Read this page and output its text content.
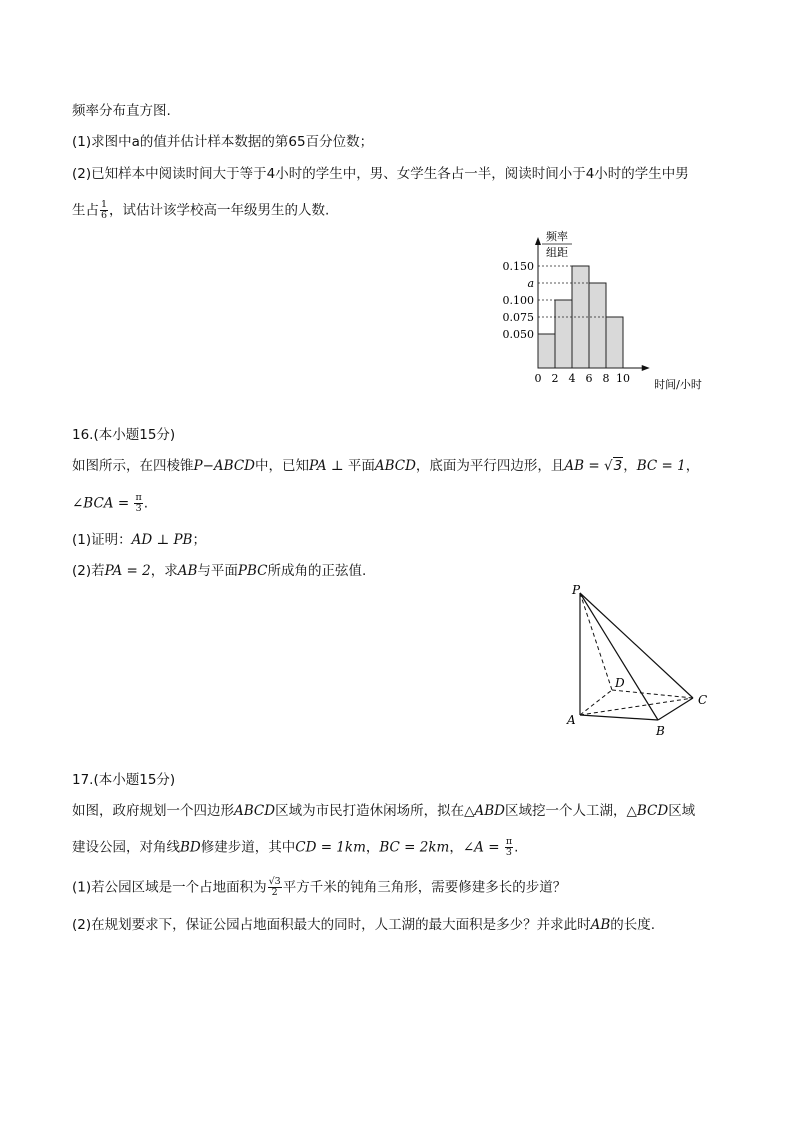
频率分布直方图.
(1)求图中a的值并估计样本数据的第65百分位数；
(2)已知样本中阅读时间大于等于4小时的学生中，男、女学生各占一半，阅读时间小于4小时的学生中男
生占 $\frac{1}{6}$ ，试估计该学校高一年级男生的人数.
0.150
a
0.100
0.075
0.050
0 2 4 6 8 10
频率
组距
时间/小时
16.(本小题15分)
如图所示，在四棱锥P−ABCD中，已知PA ⊥ 平面ABCD，底面为平行四边形，且AB = √3，BC = 1，
∠BCA = $\frac{\pi}{3}$ .
(1)证明：AD ⊥ PB；
(2)若PA = 2，求AB与平面PBC所成角的正弦值.
P
D
C
A
B
17.(本小题15分)
如图，政府规划一个四边形ABCD区域为市民打造休闲场所，拟在△ABD区域挖一个人工湖，△BCD区域
建设公园，对角线BD修建步道，其中CD = 1km，BC = 2km，∠A = $\frac{\pi}{3}$ .
(1)若公园区域是一个占地面积为 $\frac{√3}{2}$ 平方千米的钝角三角形，需要修建多长的步道？
(2)在规划要求下，保证公园占地面积最大的同时，人工湖的最大面积是多少？并求此时AB的长度.
